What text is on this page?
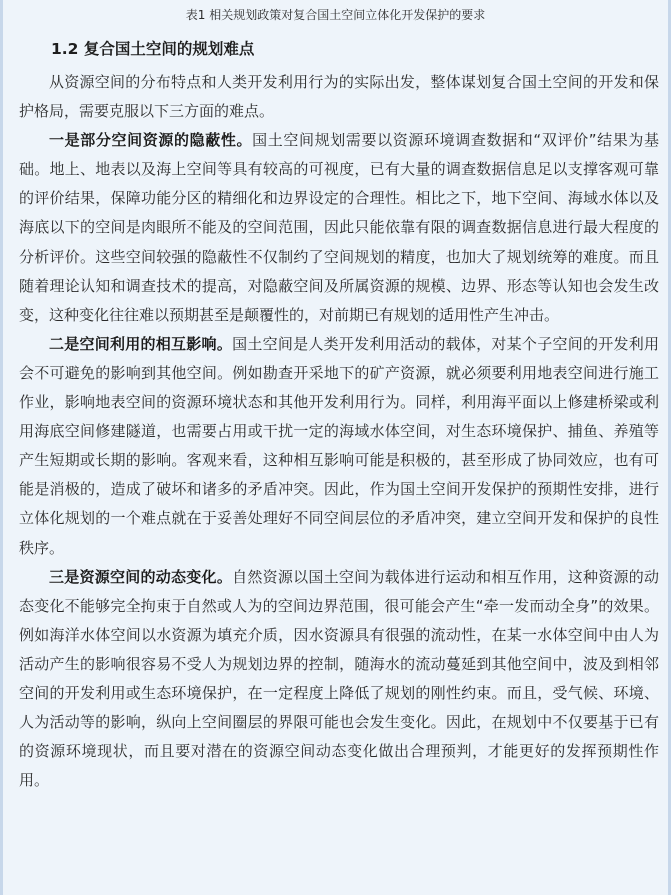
表1 相关规划政策对复合国土空间立体化开发保护的要求
1.2 复合国土空间的规划难点

从资源空间的分布特点和人类开发利用行为的实际出发，整体谋划复合国土空间的开发和保护格局，需要克服以下三方面的难点。

一是部分空间资源的隐蔽性。国土空间规划需要以资源环境调查数据和“双评价”结果为基础。地上、地表以及海上空间等具有较高的可视度，已有大量的调查数据信息足以支撑客观可靠的评价结果，保障功能分区的精细化和边界设定的合理性。相比之下，地下空间、海域水体以及海底以下的空间是肉眼所不能及的空间范围，因此只能依靠有限的调查数据信息进行最大程度的分析评价。这些空间较强的隐蔽性不仅制约了空间规划的精度，也加大了规划统筹的难度。而且随着理论认知和调查技术的提高，对隐蔽空间及所属资源的规模、边界、形态等认知也会发生改变，这种变化往往难以预期甚至是颠覆性的，对前期已有规划的适用性产生冲击。

二是空间利用的相互影响。国土空间是人类开发利用活动的载体，对某个子空间的开发利用会不可避免的影响到其他空间。例如勘查开采地下的矿产资源，就必须要利用地表空间进行施工作业，影响地表空间的资源环境状态和其他开发利用行为。同样，利用海平面以上修建桥梁或利用海底空间修建隧道，也需要占用或干扰一定的海域水体空间，对生态环境保护、捕鱼、养殖等产生短期或长期的影响。客观来看，这种相互影响可能是积极的，甚至形成了协同效应，也有可能是消极的，造成了破坏和诸多的矛盾冲突。因此，作为国土空间开发保护的预期性安排，进行立体化规划的一个难点就在于妥善处理好不同空间层位的矛盾冲突，建立空间开发和保护的良性秩序。

三是资源空间的动态变化。自然资源以国土空间为载体进行运动和相互作用，这种资源的动态变化不能够完全拘束于自然或人为的空间边界范围，很可能会产生“牵一发而动全身”的效果。例如海洋水体空间以水资源为填充介质，因水资源具有很强的流动性，在某一水体空间中由人为活动产生的影响很容易不受人为规划边界的控制，随海水的流动蔓延到其他空间中，波及到相邻空间的开发利用或生态环境保护，在一定程度上降低了规划的刚性约束。而且，受气候、环境、人为活动等的影响，纵向上空间圈层的界限可能也会发生变化。因此，在规划中不仅要基于已有的资源环境现状，而且要对潜在的资源空间动态变化做出合理预判，才能更好的发挥预期性作用。
